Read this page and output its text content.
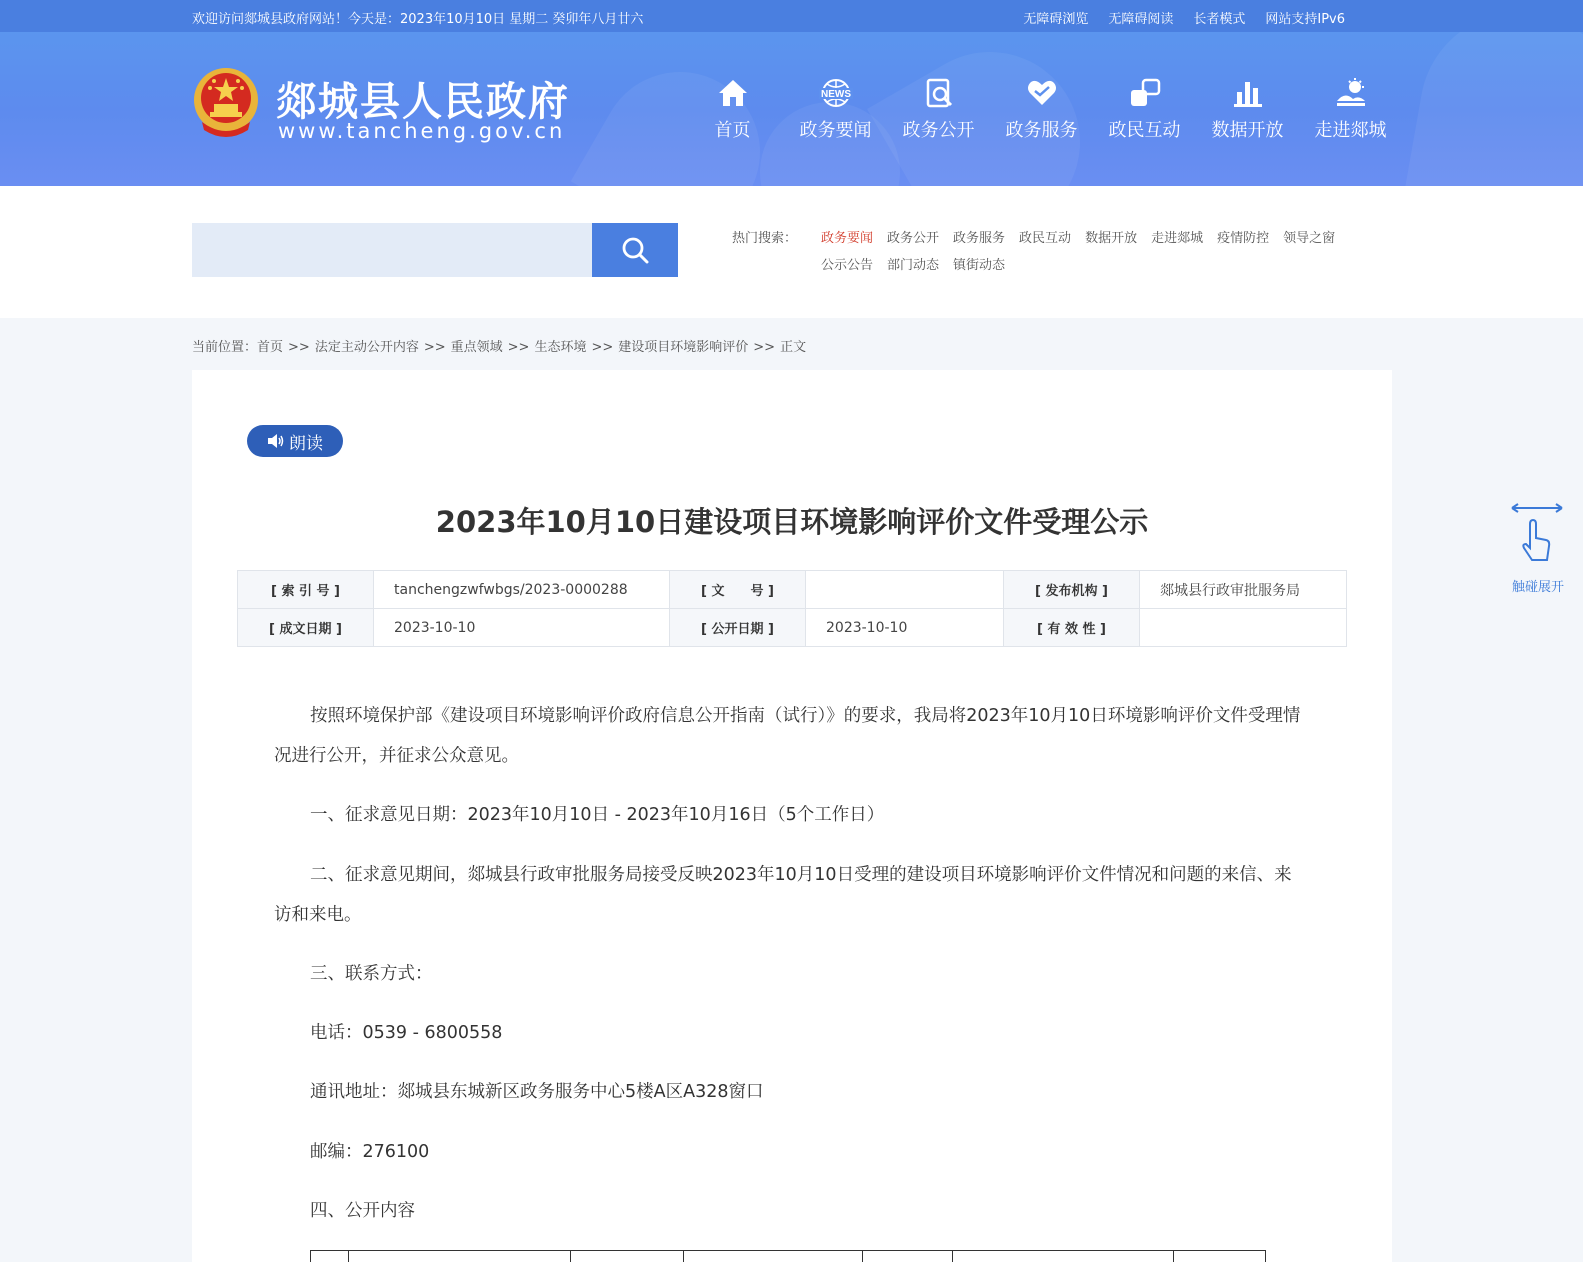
欢迎访问郯城县政府网站！今天是：2023年10月10日 星期二 癸卯年八月廿六	无障碍浏览 无障碍阅读 长者模式 网站支持IPv6
郯城县人民政府
www.tancheng.gov.cn	首页
NEWS
政务要闻	政务公开	政务服务	政民互动	数据开放	走进郯城
热门搜索： 政务要闻 政务公开 政务服务 政民互动 数据开放 走进郯城 疫情防控 领导之窗
公示公告 部门动态 镇街动态
当前位置：首页 >> 法定主动公开内容 >> 重点领域 >> 生态环境 >> 建设项目环境影响评价 >> 正文
朗读
2023年10月10日建设项目环境影响评价文件受理公示
[ 索 引 号 ]	tanchengzwfwbgs/2023-0000288	[ 文　　号 ]		[ 发布机构 ]	郯城县行政审批服务局
[ 成文日期 ]	2023-10-10	[ 公开日期 ]	2023-10-10	[ 有 效 性 ]	

按照环境保护部《建设项目环境影响评价政府信息公开指南（试行）》的要求，我局将2023年10月10日环境影响评价文件受理情况进行公开，并征求公众意见。

一、征求意见日期：2023年10月10日 - 2023年10月16日（5个工作日）

二、征求意见期间，郯城县行政审批服务局接受反映2023年10月10日受理的建设项目环境影响评价文件情况和问题的来信、来访和来电。

三、联系方式：

电话：0539 - 6800558

通讯地址：郯城县东城新区政务服务中心5楼A区A328窗口

邮编：276100

四、公开内容

触碰展开
